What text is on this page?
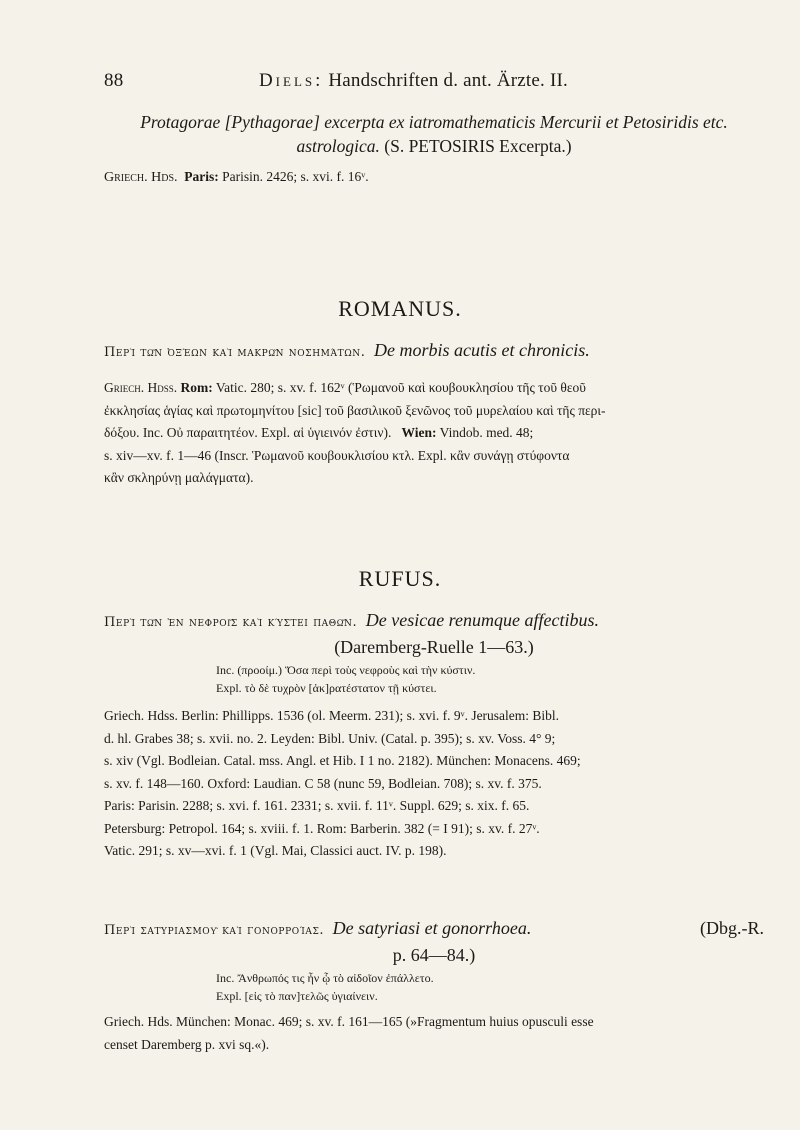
88	Diels: Handschriften d. ant. Ärzte. II.
Protagorae [Pythagorae] excerpta ex iatromathematicis Mercurii et Petosiridis etc.
astrologica. (S. PETOSIRIS Excerpta.)
Griech. Hds. Paris: Parisin. 2426; s. xvi. f. 16ᵛ.
ROMANUS.
Περὶ τῶν ὀξέων καὶ μακρῶν νοσημάτων. De morbis acutis et chronicis.
Griech. Hdss. Rom: Vatic. 280; s. xv. f. 162ᵛ (Ῥωμανοῦ καὶ κουβουκλησίου τῆς τοῦ θεοῦ
ἐκκλησίας ἁγίας καὶ πρωτομηνίτου [sic] τοῦ βασιλικοῦ ξενῶνος τοῦ μυρελαίου καὶ τῆς περι-
δόξου. Inc. Οὐ παραιτητέον. Expl. αἱ ὑγιεινόν ἐστιν). Wien: Vindob. med. 48;
s. xiv—xv. f. 1—46 (Inscr. Ῥωμανοῦ κουβουκλισίου κτλ. Expl. κἂν συνάγῃ στύφοντα
κἂν σκληρύνῃ μαλάγματα).
RUFUS.
Περὶ τῶν ἐν νεφροῖς καὶ κύστει παθῶν. De vesicae renumque affectibus.
(Daremberg-Ruelle 1—63.)
Inc. (προοίμ.) Ὅσα περὶ τοὺς νεφροὺς καὶ τὴν κύστιν.
Expl. τὸ δὲ τυχρὸν [ἀκ]ρατέστατον τῇ κύστει.
Griech. Hdss. Berlin: Phillipps. 1536 (ol. Meerm. 231); s. xvi. f. 9ᵛ. Jerusalem: Bibl.
d. hl. Grabes 38; s. xvii. no. 2. Leyden: Bibl. Univ. (Catal. p. 395); s. xv. Voss. 4° 9;
s. xiv (Vgl. Bodleian. Catal. mss. Angl. et Hib. I 1 no. 2182). München: Monacens. 469;
s. xv. f. 148—160. Oxford: Laudian. C 58 (nunc 59, Bodleian. 708); s. xv. f. 375.
Paris: Parisin. 2288; s. xvi. f. 161. 2331; s. xvii. f. 11ᵛ. Suppl. 629; s. xix. f. 65.
Petersburg: Petropol. 164; s. xviii. f. 1. Rom: Barberin. 382 (= I 91); s. xv. f. 27ᵛ.
Vatic. 291; s. xv—xvi. f. 1 (Vgl. Mai, Classici auct. IV. p. 198).
Περὶ σατυριασμοῦ καὶ γονορροίας. De satyriasi et gonorrhoea.	(Dbg.-R.
p. 64—84.)
Inc. Ἄνθρωπός τις ἦν ᾧ τὸ αἰδοῖον ἐπάλλετο.
Expl. [εἰς τὸ παν]τελῶς ὑγιαίνειν.
Griech. Hds. München: Monac. 469; s. xv. f. 161—165 (»Fragmentum huius opusculi esse
censet Daremberg p. xvi sq.«).
